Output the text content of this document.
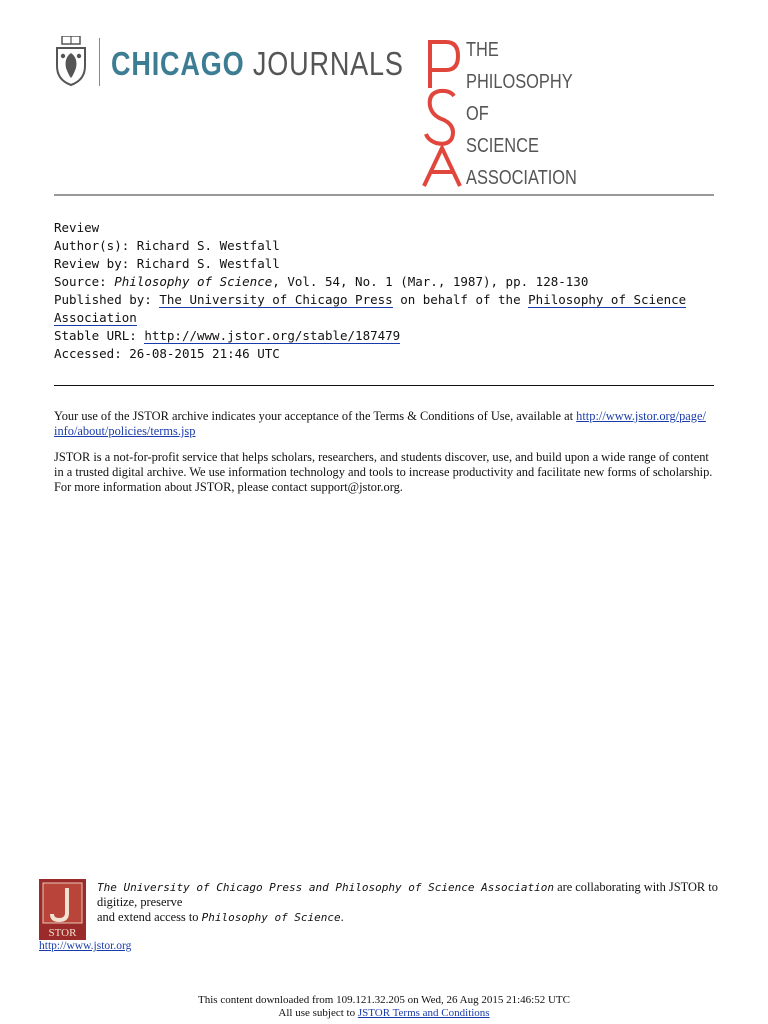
CHICAGO JOURNALS	THE
PHILOSOPHY
OF
SCIENCE
ASSOCIATION
Review
Author(s): Richard S. Westfall
Review by: Richard S. Westfall
Source: Philosophy of Science, Vol. 54, No. 1 (Mar., 1987), pp. 128-130
Published by: The University of Chicago Press on behalf of the Philosophy of Science
Association
Stable URL: http://www.jstor.org/stable/187479
Accessed: 26-08-2015 21:46 UTC
Your use of the JSTOR archive indicates your acceptance of the Terms & Conditions of Use, available at http://www.jstor.org/page/
info/about/policies/terms.jsp
JSTOR is a not-for-profit service that helps scholars, researchers, and students discover, use, and build upon a wide range of content
in a trusted digital archive. We use information technology and tools to increase productivity and facilitate new forms of scholarship.
For more information about JSTOR, please contact support@jstor.org.
STOR
The University of Chicago Press and Philosophy of Science Association are collaborating with JSTOR to digitize, preserve
and extend access to Philosophy of Science.
http://www.jstor.org
This content downloaded from 109.121.32.205 on Wed, 26 Aug 2015 21:46:52 UTC
All use subject to JSTOR Terms and Conditions
